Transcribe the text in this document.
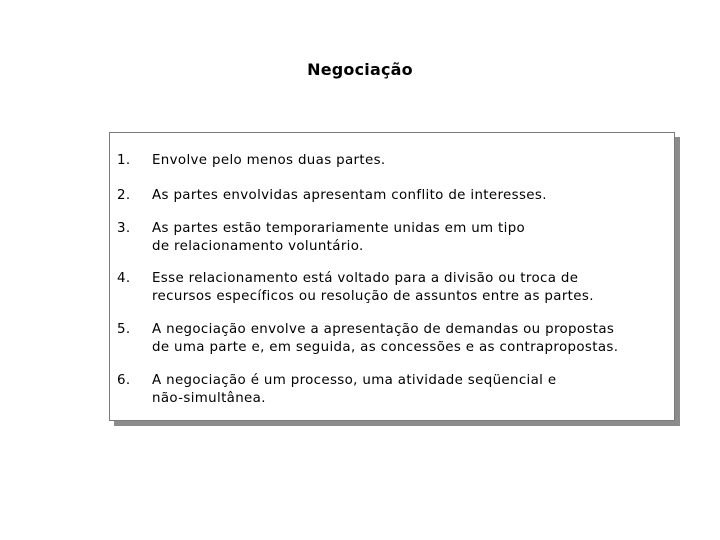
Negociação
1. Envolve pelo menos duas partes.
2. As partes envolvidas apresentam conflito de interesses.
3. As partes estão temporariamente unidas em um tipo
de relacionamento voluntário.
4. Esse relacionamento está voltado para a divisão ou troca de
recursos específicos ou resolução de assuntos entre as partes.
5. A negociação envolve a apresentação de demandas ou propostas
de uma parte e, em seguida, as concessões e as contrapropostas.
6. A negociação é um processo, uma atividade seqüencial e
não-simultânea.
